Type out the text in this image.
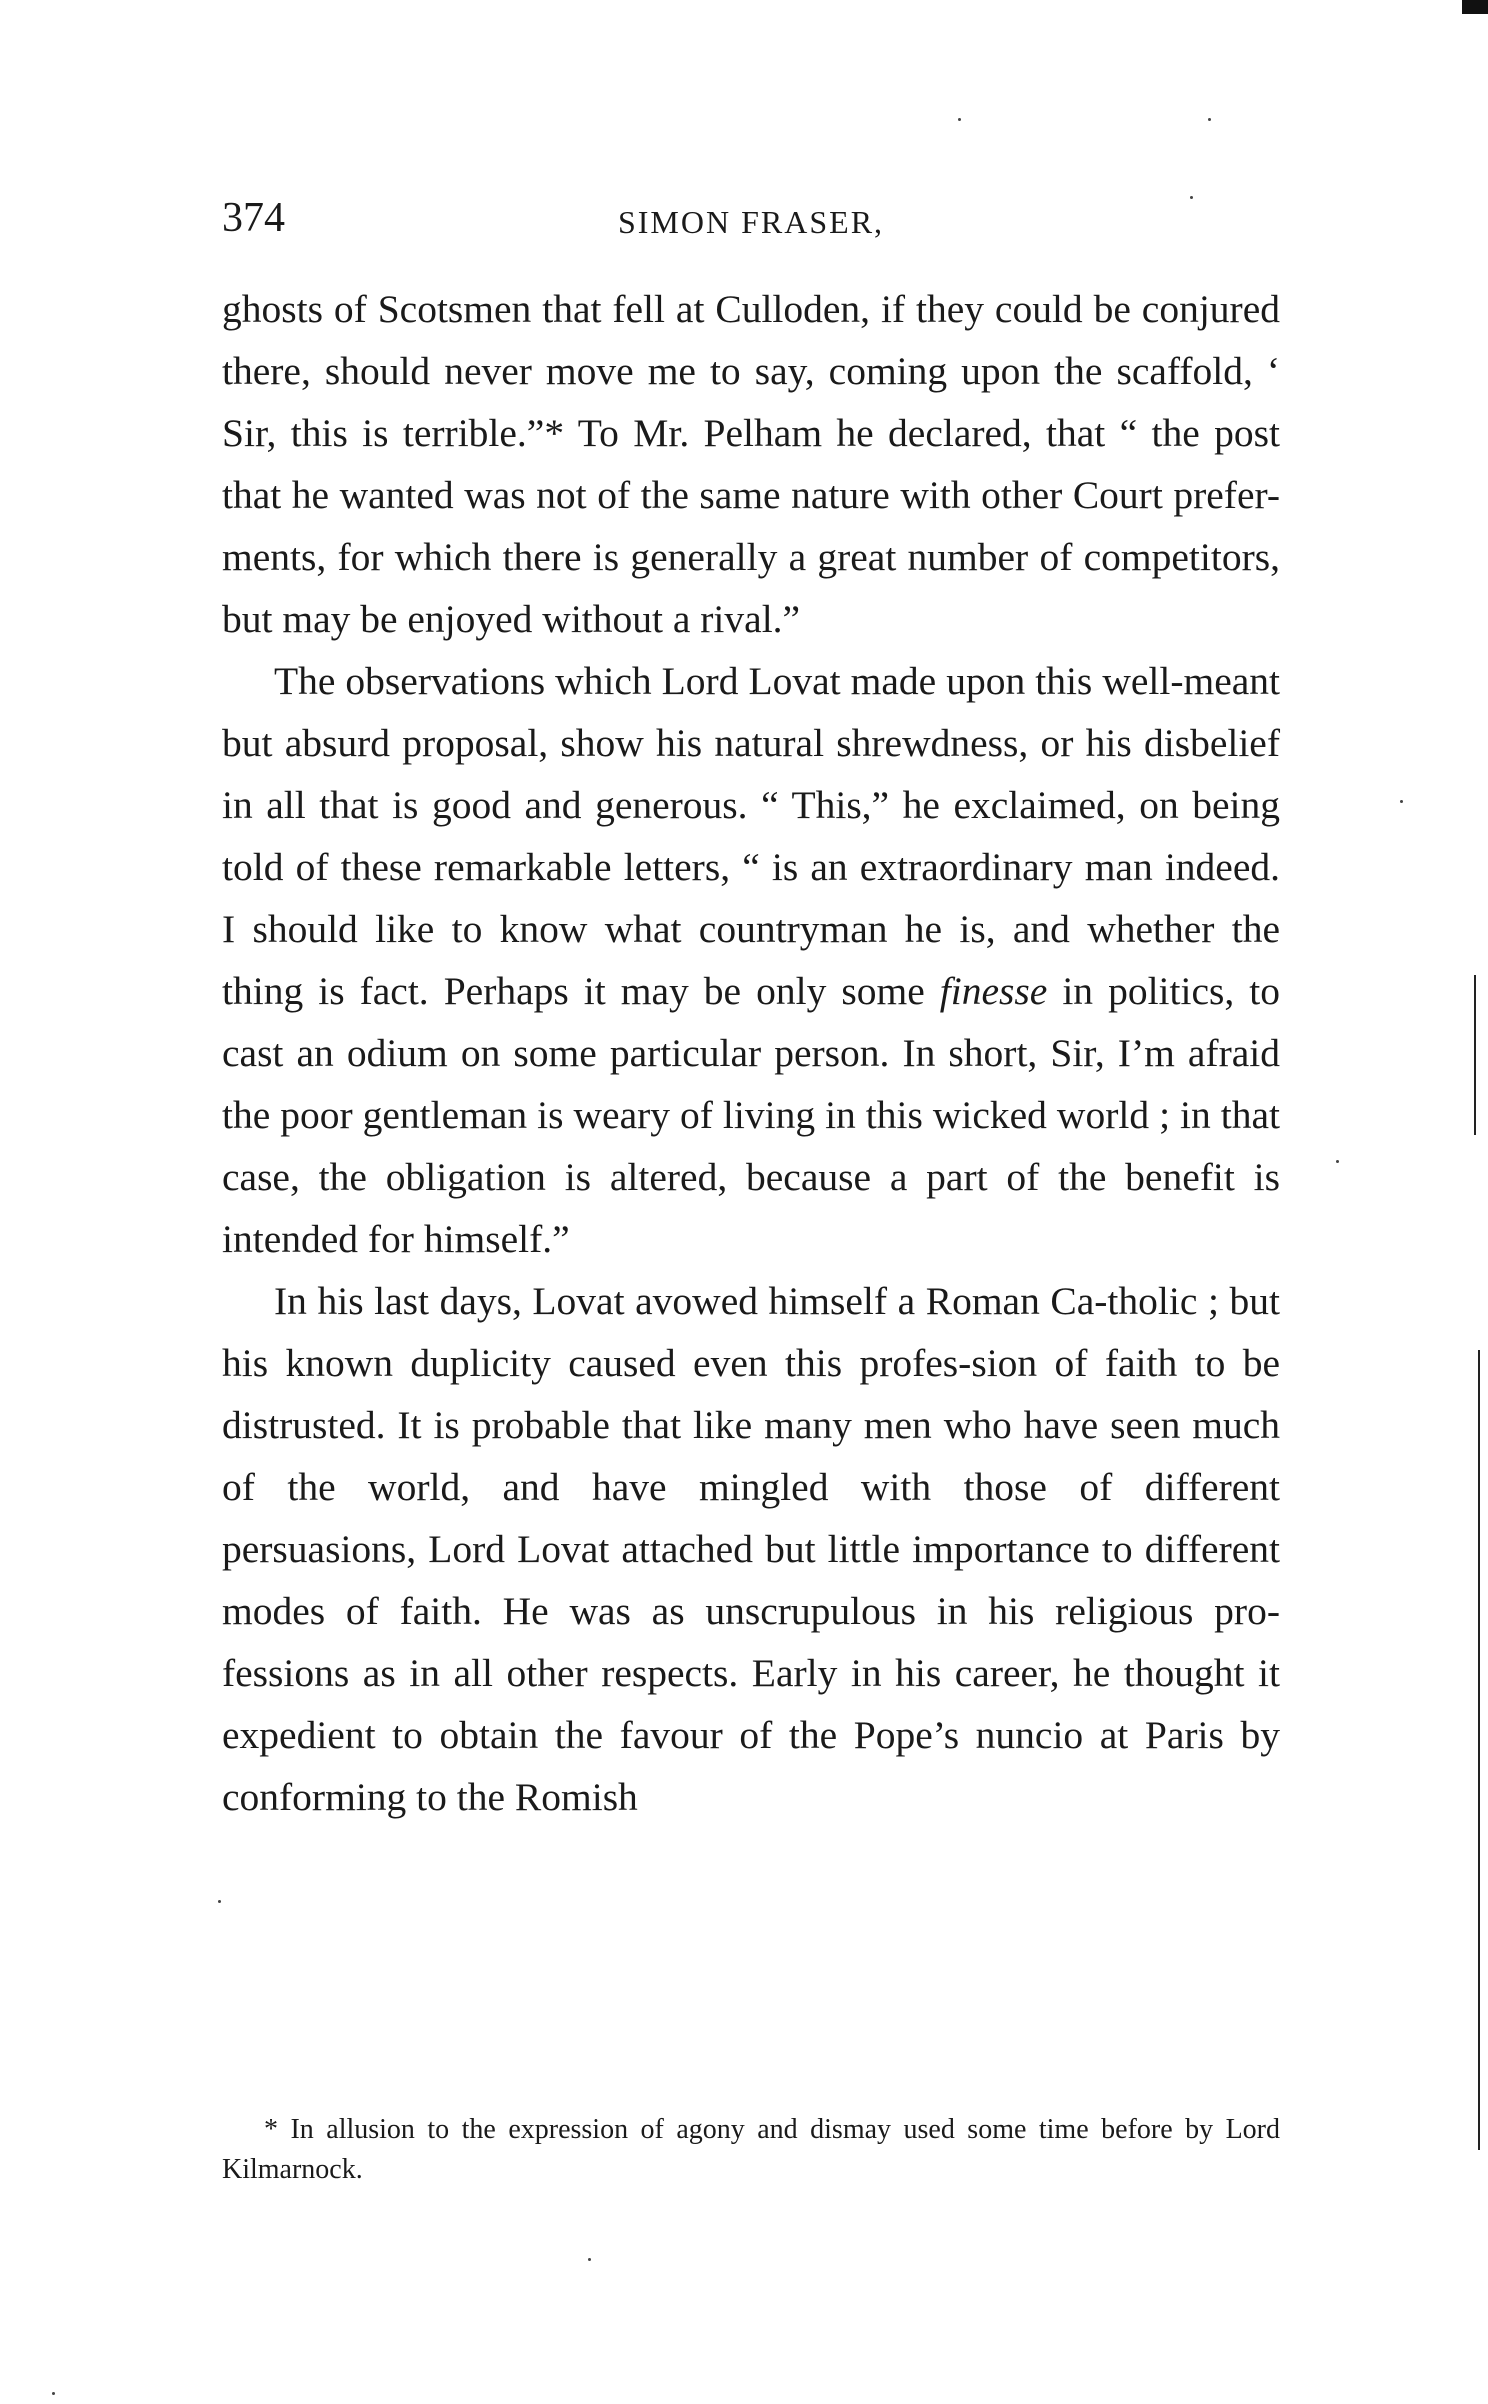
374	SIMON FRASER,

ghosts of Scotsmen that fell at Culloden, if they could be conjured there, should never move me to say, coming upon the scaffold, ‘ Sir, this is terrible.”* To Mr. Pelham he declared, that “ the post that he wanted was not of the same nature with other Court prefer-ments, for which there is generally a great number of competitors, but may be enjoyed without a rival.”

The observations which Lord Lovat made upon this well-meant but absurd proposal, show his natural shrewdness, or his disbelief in all that is good and generous. “ This,” he exclaimed, on being told of these remarkable letters, “ is an extraordinary man indeed. I should like to know what countryman he is, and whether the thing is fact. Perhaps it may be only some finesse in politics, to cast an odium on some particular person. In short, Sir, I’m afraid the poor gentleman is weary of living in this wicked world ; in that case, the obligation is altered, because a part of the benefit is intended for himself.”

In his last days, Lovat avowed himself a Roman Ca-tholic ; but his known duplicity caused even this profes-sion of faith to be distrusted. It is probable that like many men who have seen much of the world, and have mingled with those of different persuasions, Lord Lovat attached but little importance to different modes of faith. He was as unscrupulous in his religious pro-fessions as in all other respects. Early in his career, he thought it expedient to obtain the favour of the Pope’s nuncio at Paris by conforming to the Romish

* In allusion to the expression of agony and dismay used some time before by Lord Kilmarnock.
